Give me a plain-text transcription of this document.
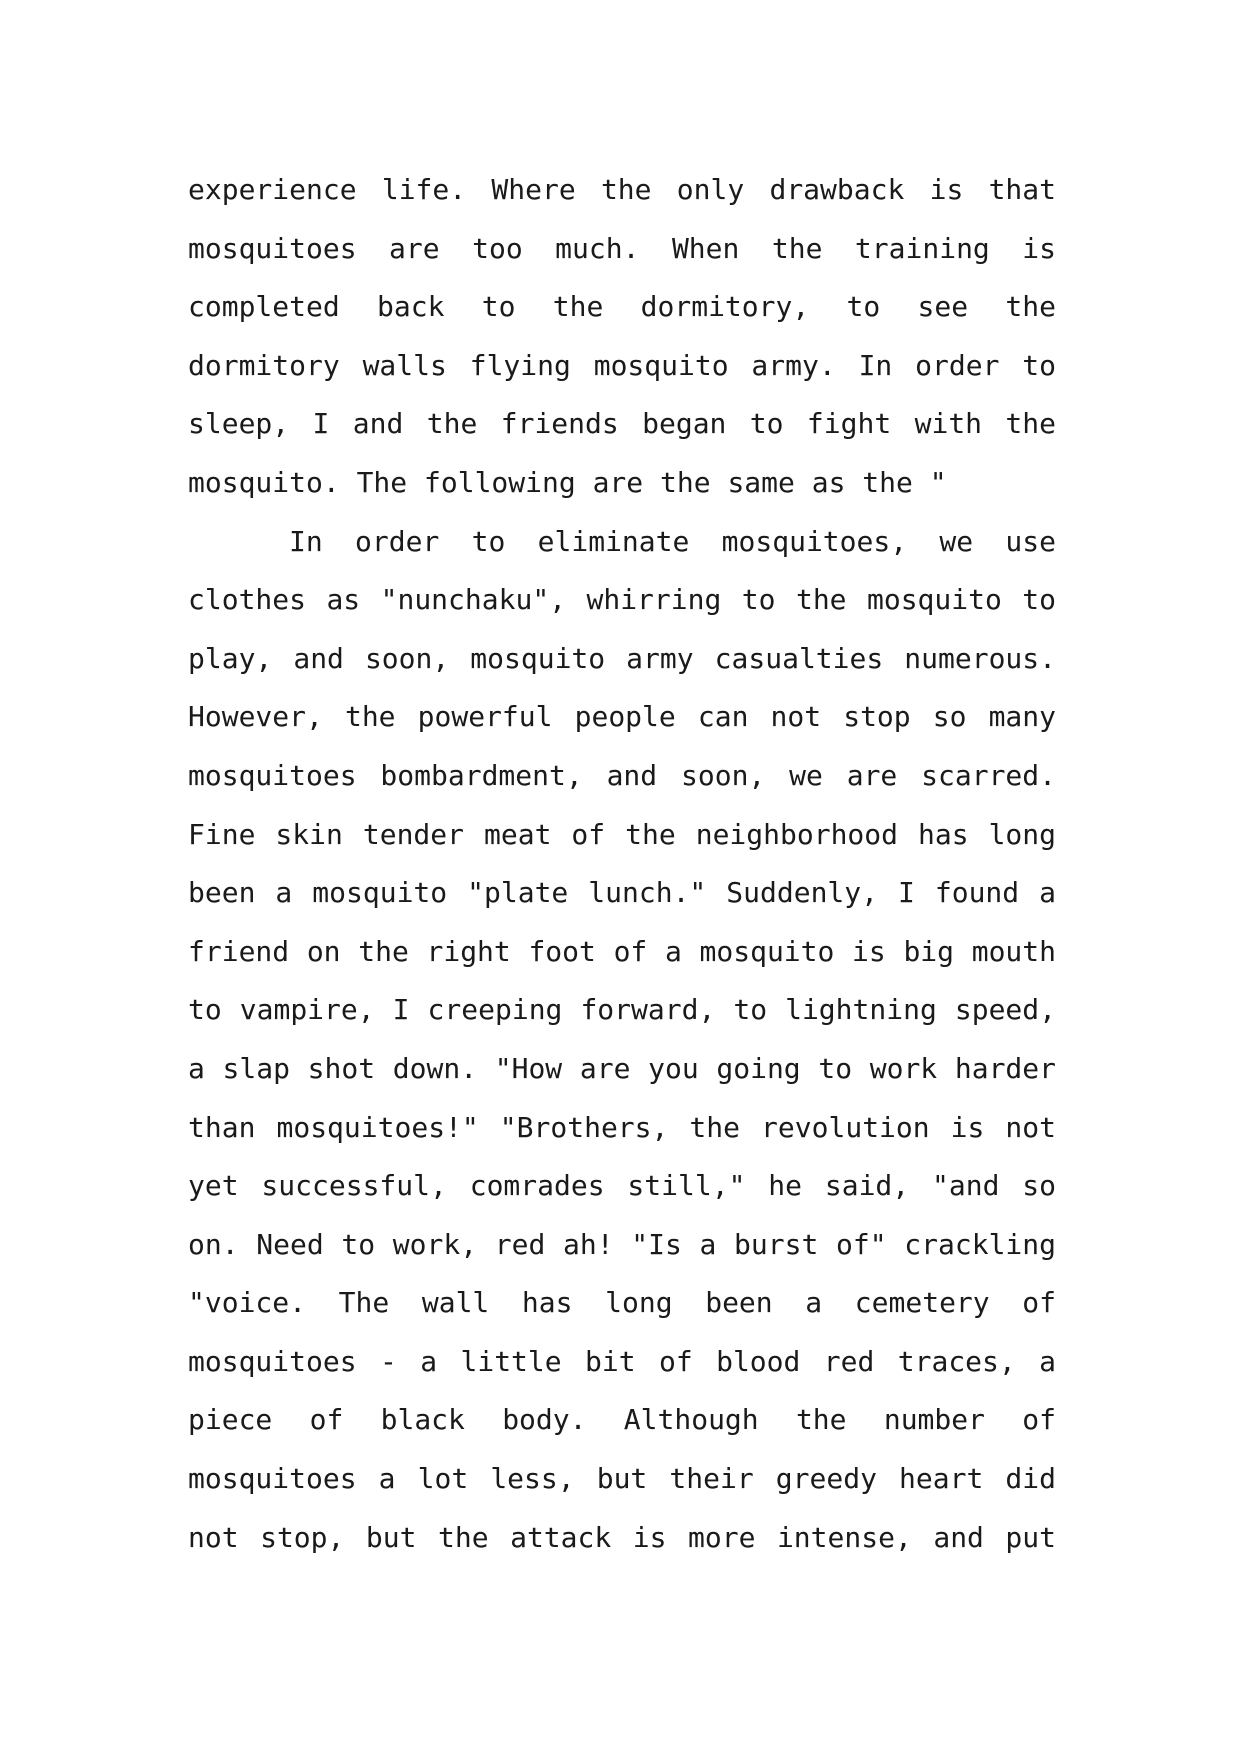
experience life. Where the only drawback is that
mosquitoes are too much. When the training is
completed back to the dormitory, to see the
dormitory walls flying mosquito army. In order to
sleep, I and the friends began to fight with the
mosquito. The following are the same as the "
In order to eliminate mosquitoes, we use
clothes as "nunchaku", whirring to the mosquito to
play, and soon, mosquito army casualties numerous.
However, the powerful people can not stop so many
mosquitoes bombardment, and soon, we are scarred.
Fine skin tender meat of the neighborhood has long
been a mosquito "plate lunch." Suddenly, I found a
friend on the right foot of a mosquito is big mouth
to vampire, I creeping forward, to lightning speed,
a slap shot down. "How are you going to work harder
than mosquitoes!" "Brothers, the revolution is not
yet successful, comrades still," he said, "and so
on. Need to work, red ah! "Is a burst of" crackling
"voice. The wall has long been a cemetery of
mosquitoes - a little bit of blood red traces, a
piece of black body. Although the number of
mosquitoes a lot less, but their greedy heart did
not stop, but the attack is more intense, and put
